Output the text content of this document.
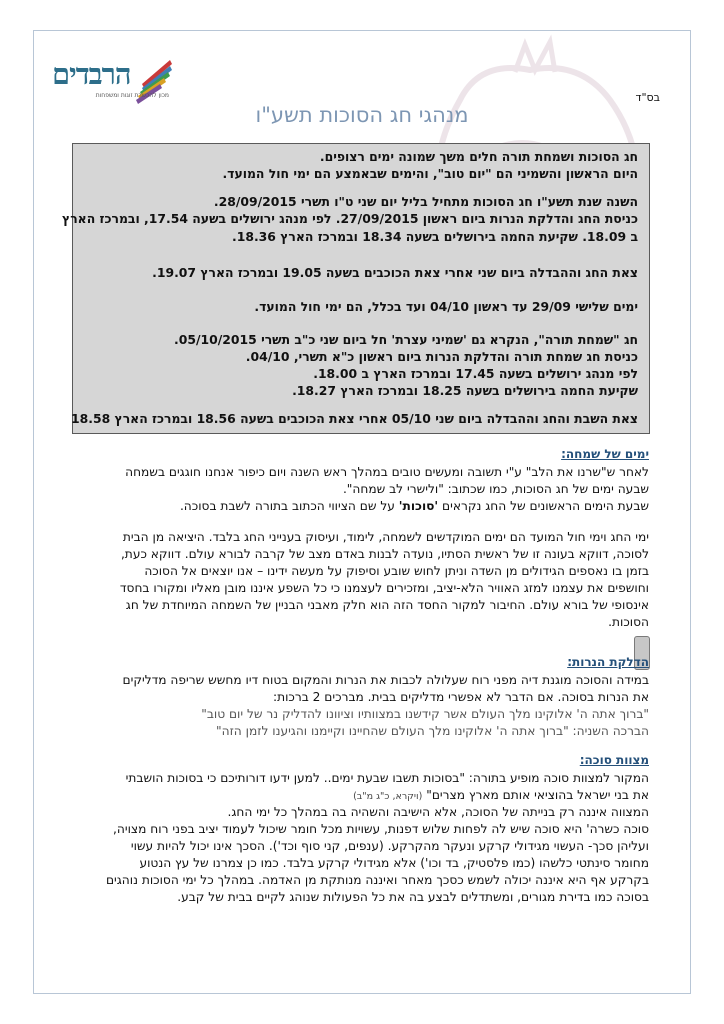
הרבדים
מכון להכשרת זוגות ומשפחות	בס"ד
מנהגי חג הסוכות תשע"ו
חג הסוכות ושמחת תורה חלים משך שמונה ימים רצופים.
היום הראשון והשמיני הם "יום טוב", והימים שבאמצע הם ימי חול המועד.
השנה שנת תשע"ו חג הסוכות מתחיל בליל יום שני ט"ו תשרי 28/09/2015.
כניסת החג והדלקת הנרות ביום ראשון 27/09/2015. לפי מנהג ירושלים בשעה 17.54, ובמרכז הארץ
ב 18.09. שקיעת החמה בירושלים בשעה 18.34 ובמרכז הארץ 18.36.
צאת החג וההבדלה ביום שני אחרי צאת הכוכבים בשעה 19.05 ובמרכז הארץ 19.07.
ימים שלישי 29/09 עד ראשון 04/10 ועד בכלל, הם ימי חול המועד.
חג "שמחת תורה", הנקרא גם 'שמיני עצרת' חל ביום שני כ"ב תשרי 05/10/2015.
כניסת חג שמחת תורה והדלקת הנרות ביום ראשון כ"א תשרי, 04/10.
לפי מנהג ירושלים בשעה 17.45 ובמרכז הארץ ב 18.00.
שקיעת החמה בירושלים בשעה 18.25 ובמרכז הארץ 18.27.
צאת השבת והחג וההבדלה ביום שני 05/10 אחרי צאת הכוכבים בשעה 18.56 ובמרכז הארץ 18.58
ימים של שמחה:
לאחר ש"שרנו את הלב" ע"י תשובה ומעשים טובים במהלך ראש השנה ויום כיפור אנחנו חוגגים בשמחה
שבעה ימים של חג הסוכות, כמו שכתוב: "ולישרי לב שמחה".
שבעת הימים הראשונים של החג נקראים 'סוכות' על שם הציווי הכתוב בתורה לשבת בסוכה.
ימי החג וימי חול המועד הם ימים המוקדשים לשמחה, לימוד, ועיסוק בענייני החג בלבד. היציאה מן הבית
לסוכה, דווקא בעונה זו של ראשית הסתיו, נועדה לבנות באדם מצב של קרבה לבורא עולם. דווקא כעת,
בזמן בו נאספים הגידולים מן השדה וניתן לחוש שובע וסיפוק על מעשה ידינו – אנו יוצאים אל הסוכה
וחושפים את עצמנו למזג האוויר הלא-יציב, ומזכירים לעצמנו כי כל השפע איננו מובן מאליו ומקורו בחסד
אינסופי של בורא עולם. החיבור למקור החסד הזה הוא חלק מאבני הבניין של השמחה המיוחדת של חג
הסוכות.
הדלקת הנרות:
במידה והסוכה מוגנת דיה מפני רוח שעלולה לכבות את הנרות והמקום בטוח דיו מחשש שריפה מדליקים
את הנרות בסוכה. אם הדבר לא אפשרי מדליקים בבית. מברכים 2 ברכות:
"ברוך אתה ה' אלוקינו מלך העולם אשר קידשנו במצוותיו וציוונו להדליק נר של יום טוב"
הברכה השניה: "ברוך אתה ה' אלוקינו מלך העולם שהחיינו וקיימנו והגיענו לזמן הזה"
מצוות סוכה:
המקור למצוות סוכה מופיע בתורה: "בסוכות תשבו שבעת ימים.. למען ידעו דורותיכם כי בסוכות הושבתי
את בני ישראל בהוציאי אותם מארץ מצרים" (ויקרא, כ"ג מ"ב)
המצווה איננה רק בנייתה של הסוכה, אלא הישיבה והשהיה בה במהלך כל ימי החג.
סוכה כשרה' היא סוכה שיש לה לפחות שלוש דפנות, עשויות מכל חומר שיכול לעמוד יציב בפני רוח מצויה,
ועליהן סכך- העשוי מגידולי קרקע ונעקר מהקרקע. (ענפים, קני סוף וכד'). הסכך אינו יכול להיות עשוי
מחומר סינתטי כלשהו (כמו פלסטיק, בד וכו') אלא מגידולי קרקע בלבד. כמו כן צמרנו של עץ הנטוע
בקרקע אף היא איננה יכולה לשמש כסכך מאחר ואיננה מנותקת מן האדמה. במהלך כל ימי הסוכות נוהגים
בסוכה כמו בדירת מגורים, ומשתדלים לבצע בה את כל הפעולות שנוהג לקיים בבית של קבע.
